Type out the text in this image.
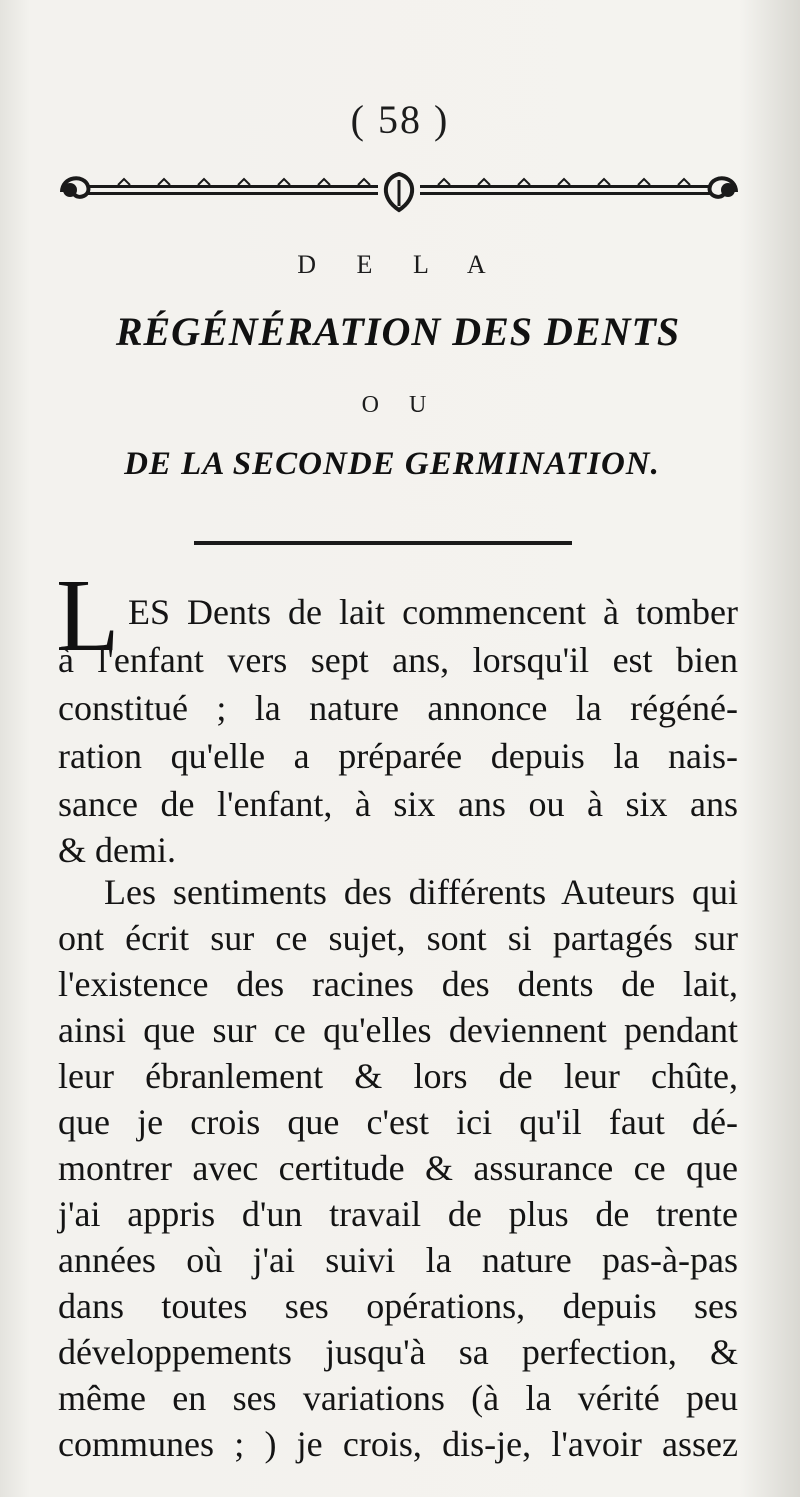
( 58 )
D E L A
RÉGÉNÉRATION DES DENTS
O U
DE LA SECONDE GERMINATION.
L ES Dents de lait commencent à tomber
à l'enfant vers sept ans, lorsqu'il est bien
constitué ; la nature annonce la régéné-
ration qu'elle a préparée depuis la nais-
sance de l'enfant, à six ans ou à six ans
& demi.
Les sentiments des différents Auteurs qui
ont écrit sur ce sujet, sont si partagés sur
l'existence des racines des dents de lait,
ainsi que sur ce qu'elles deviennent pendant
leur ébranlement & lors de leur chûte,
que je crois que c'est ici qu'il faut dé-
montrer avec certitude & assurance ce que
j'ai appris d'un travail de plus de trente
années où j'ai suivi la nature pas-à-pas
dans toutes ses opérations, depuis ses
développements jusqu'à sa perfection, &
même en ses variations (à la vérité peu
communes ; ) je crois, dis-je, l'avoir assez
